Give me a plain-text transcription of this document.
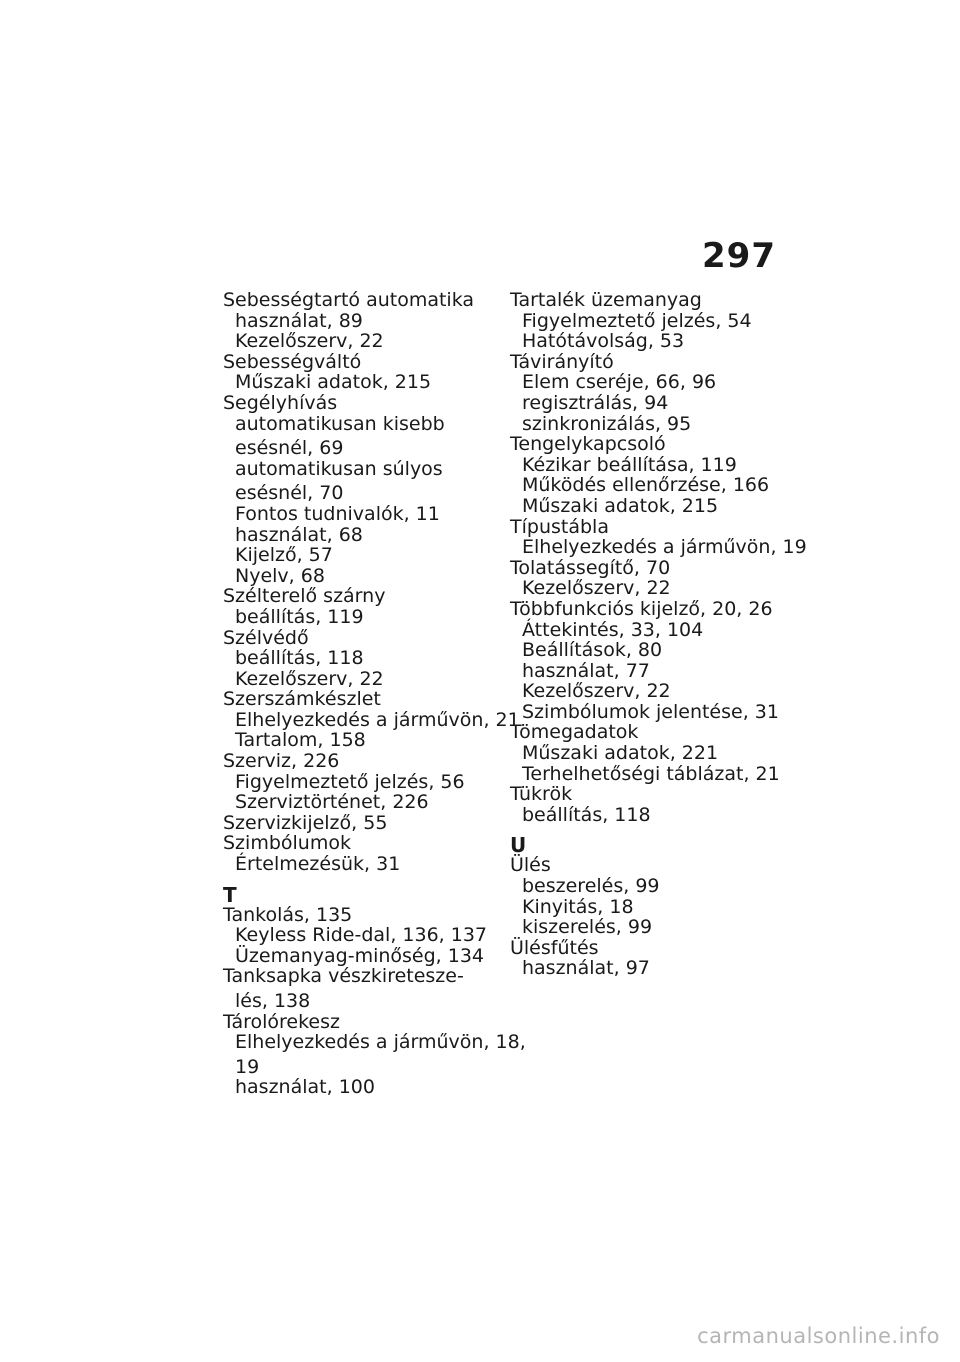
297
Sebességtartó automatika
használat, 89
Kezelőszerv, 22
Sebességváltó
Műszaki adatok, 215
Segélyhívás
automatikusan kisebb
esésnél, 69
automatikusan súlyos
esésnél, 70
Fontos tudnivalók, 11
használat, 68
Kijelző, 57
Nyelv, 68
Szélterelő szárny
beállítás, 119
Szélvédő
beállítás, 118
Kezelőszerv, 22
Szerszámkészlet
Elhelyezkedés a járművön, 21
Tartalom, 158
Szerviz, 226
Figyelmeztető jelzés, 56
Szerviztörténet, 226
Szervizkijelző, 55
Szimbólumok
Értelmezésük, 31
T
Tankolás, 135
Keyless Ride-dal, 136, 137
Üzemanyag-minőség, 134
Tanksapka vészkiretesze-
lés, 138
Tárolórekesz
Elhelyezkedés a járművön, 18,
19
használat, 100
Tartalék üzemanyag
Figyelmeztető jelzés, 54
Hatótávolság, 53
Távirányító
Elem cseréje, 66, 96
regisztrálás, 94
szinkronizálás, 95
Tengelykapcsoló
Kézikar beállítása, 119
Működés ellenőrzése, 166
Műszaki adatok, 215
Típustábla
Elhelyezkedés a járművön, 19
Tolatássegítő, 70
Kezelőszerv, 22
Többfunkciós kijelző, 20, 26
Áttekintés, 33, 104
Beállítások, 80
használat, 77
Kezelőszerv, 22
Szimbólumok jelentése, 31
Tömegadatok
Műszaki adatok, 221
Terhelhetőségi táblázat, 21
Tükrök
beállítás, 118
U
Ülés
beszerelés, 99
Kinyitás, 18
kiszerelés, 99
Ülésfűtés
használat, 97
carmanualsonline.info
